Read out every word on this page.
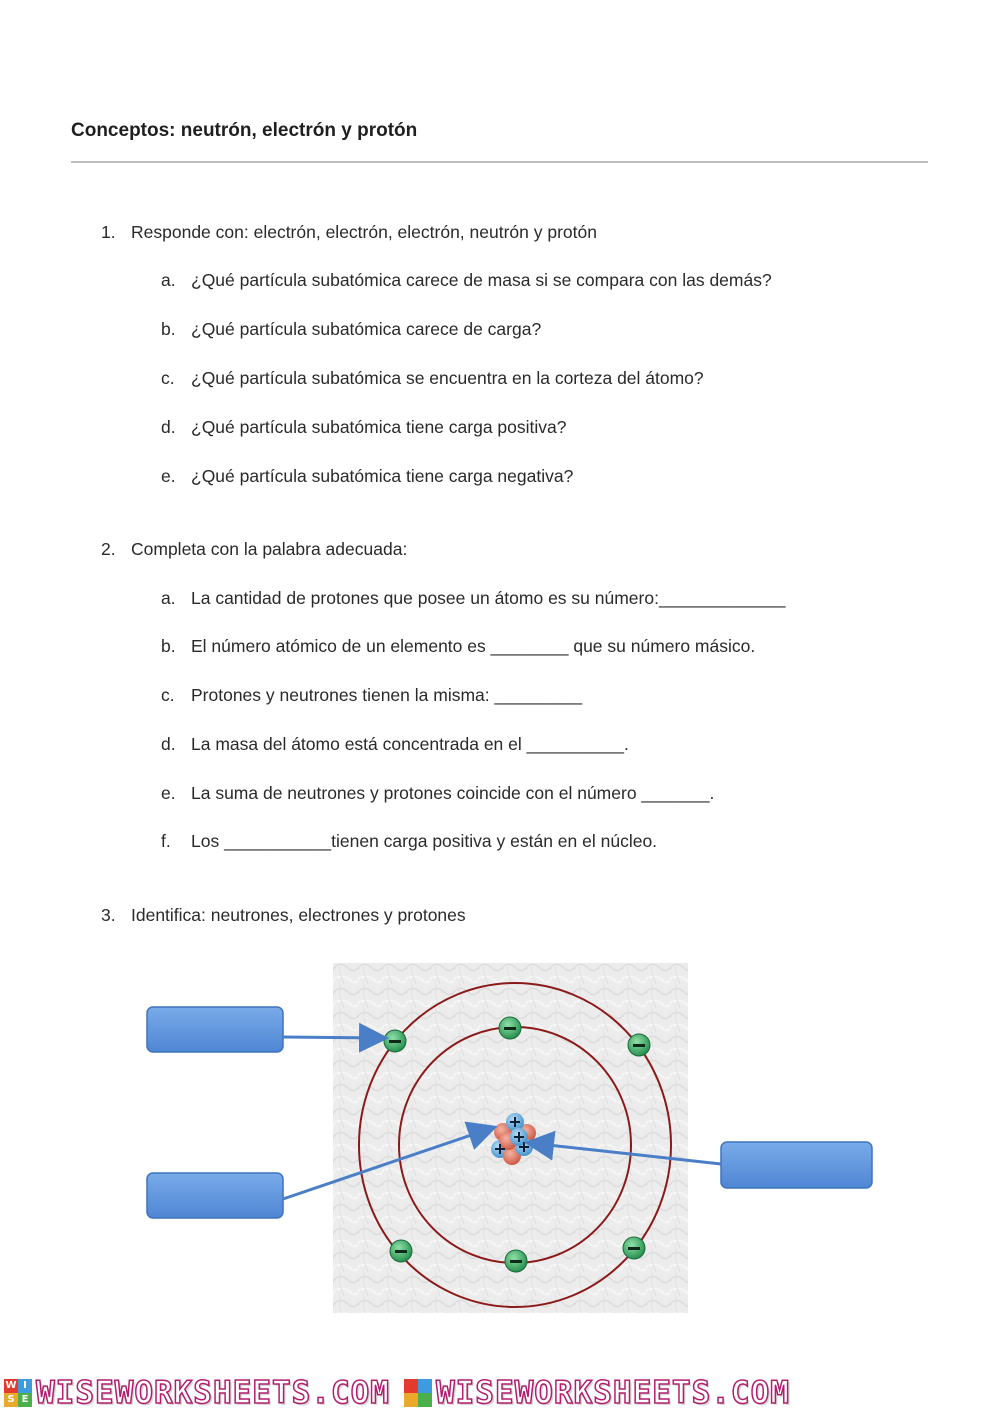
Conceptos: neutrón, electrón y protón
1. Responde con: electrón, electrón, electrón, neutrón y protón
a. ¿Qué partícula subatómica carece de masa si se compara con las demás?
b. ¿Qué partícula subatómica carece de carga?
c. ¿Qué partícula subatómica se encuentra en la corteza del átomo?
d. ¿Qué partícula subatómica tiene carga positiva?
e. ¿Qué partícula subatómica tiene carga negativa?
2. Completa con la palabra adecuada:
a. La cantidad de protones que posee un átomo es su número:_____________
b. El número atómico de un elemento es ________ que su número másico.
c. Protones y neutrones tienen la misma: _________
d. La masa del átomo está concentrada en el __________.
e. La suma de neutrones y protones coincide con el número _______.
f. Los ___________tienen carga positiva y están en el núcleo.
3. Identifica: neutrones, electrones y protones
W I
S E WISEWORKSHEETS.COM WISEWORKSHEETS.COM
